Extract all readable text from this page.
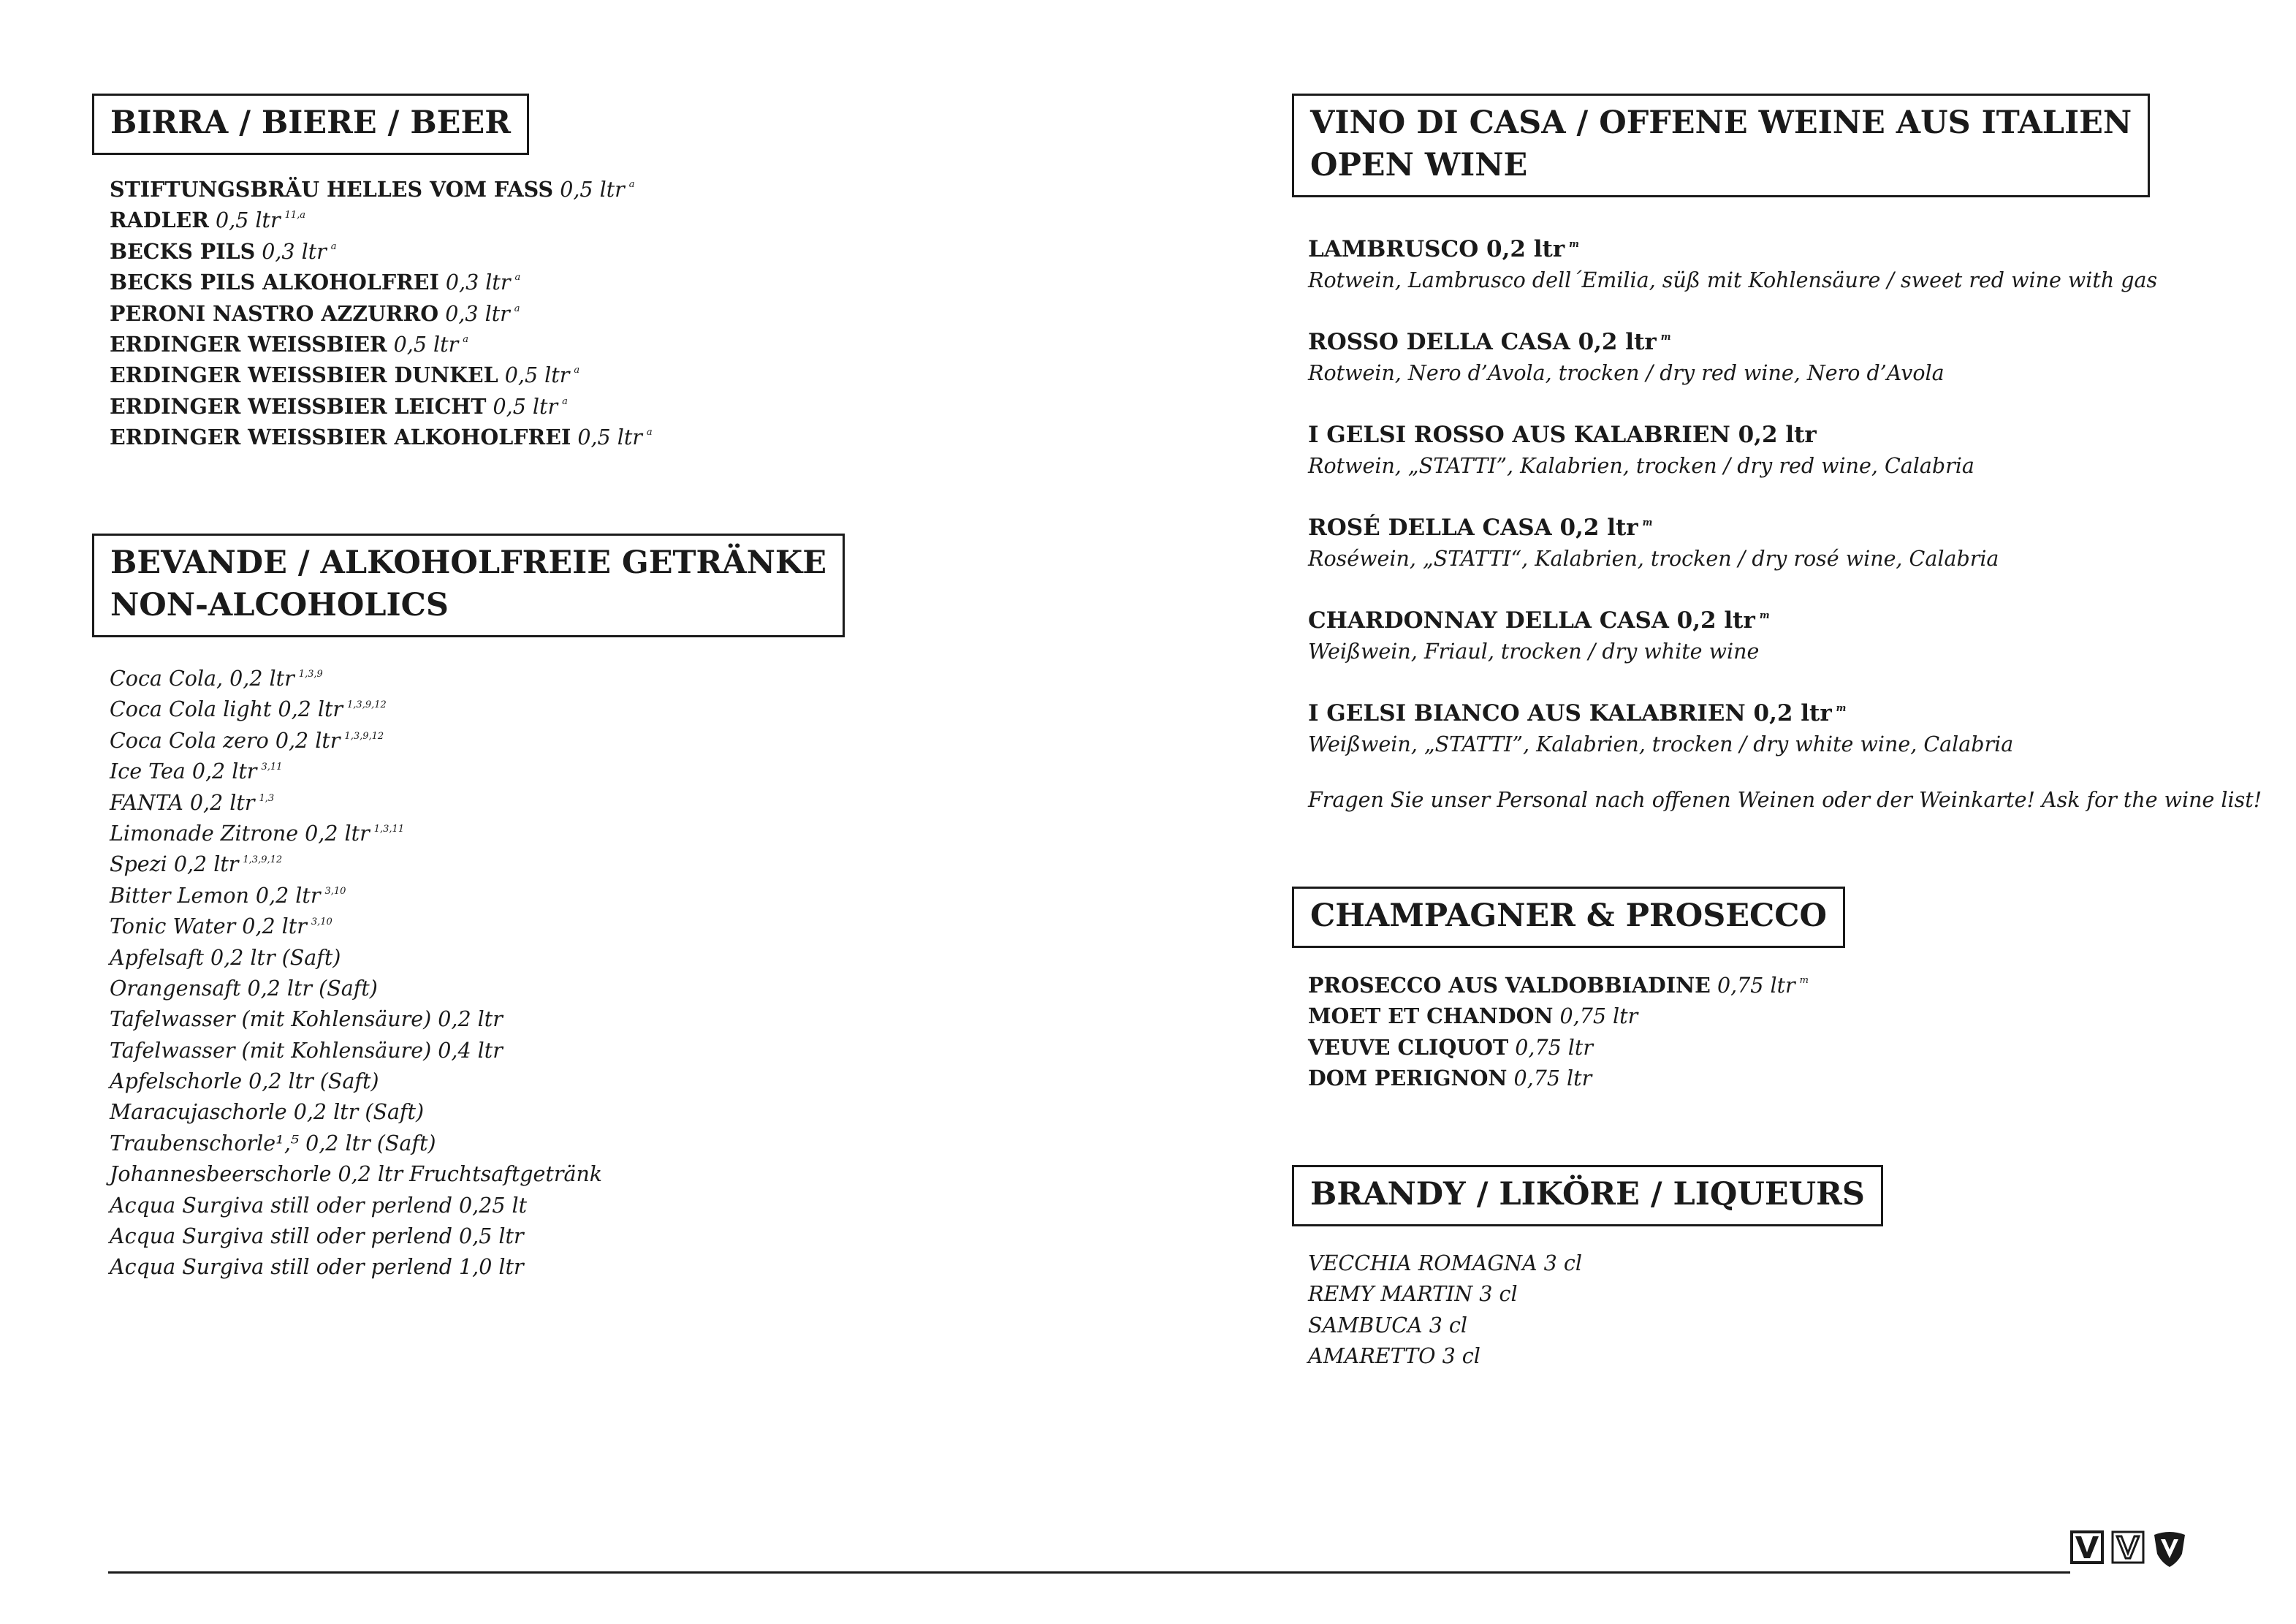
BIRRA / BIERE / BEER
STIFTUNGSBRÄU HELLES VOM FASS 0,5 ltr $^a$
RADLER 0,5 ltr $^{11,a}$
BECKS PILS 0,3 ltr $^a$
BECKS PILS ALKOHOLFREI 0,3 ltr $^a$
PERONI NASTRO AZZURRO 0,3 ltr $^a$
ERDINGER WEISSBIER 0,5 ltr $^a$
ERDINGER WEISSBIER DUNKEL 0,5 ltr $^a$
ERDINGER WEISSBIER LEICHT 0,5 ltr $^a$
ERDINGER WEISSBIER ALKOHOLFREI 0,5 ltr $^a$
BEVANDE / ALKOHOLFREIE GETRÄNKE
NON-ALCOHOLICS
Coca Cola, 0,2 ltr $^{1,3,9}$
Coca Cola light 0,2 ltr $^{1,3,9,12}$
Coca Cola zero 0,2 ltr $^{1,3,9,12}$
Ice Tea 0,2 ltr $^{3,11}$
FANTA 0,2 ltr $^{1,3}$
Limonade Zitrone 0,2 ltr $^{1,3,11}$
Spezi 0,2 ltr $^{1,3,9,12}$
Bitter Lemon 0,2 ltr $^{3,10}$
Tonic Water 0,2 ltr $^{3,10}$
Apfelsaft 0,2 ltr (Saft)
Orangensaft 0,2 ltr (Saft)
Tafelwasser (mit Kohlensäure) 0,2 ltr
Tafelwasser (mit Kohlensäure) 0,4 ltr
Apfelschorle 0,2 ltr (Saft)
Maracujaschorle 0,2 ltr (Saft)
Traubenschorle¹‚⁵ 0,2 ltr (Saft)
Johannesbeerschorle 0,2 ltr Fruchtsaftgetränk
Acqua Surgiva still oder perlend 0,25 lt
Acqua Surgiva still oder perlend 0,5 ltr
Acqua Surgiva still oder perlend 1,0 ltr
VINO DI CASA / OFFENE WEINE AUS ITALIEN
OPEN WINE
LAMBRUSCO 0,2 ltr $^m$
Rotwein, Lambrusco dell´Emilia, süß mit Kohlensäure / sweet red wine with gas
ROSSO DELLA CASA 0,2 ltr $^m$
Rotwein, Nero d’Avola, trocken / dry red wine, Nero d’Avola
I GELSI ROSSO AUS KALABRIEN 0,2 ltr
Rotwein, „STATTI”, Kalabrien, trocken / dry red wine, Calabria
ROSÉ DELLA CASA 0,2 ltr $^m$
Roséwein, „STATTI“, Kalabrien, trocken / dry rosé wine, Calabria
CHARDONNAY DELLA CASA 0,2 ltr $^m$
Weißwein, Friaul, trocken / dry white wine
I GELSI BIANCO AUS KALABRIEN 0,2 ltr $^m$
Weißwein, „STATTI”, Kalabrien, trocken / dry white wine, Calabria
Fragen Sie unser Personal nach offenen Weinen oder der Weinkarte! Ask for the wine list!
CHAMPAGNER & PROSECCO
PROSECCO AUS VALDOBBIADINE 0,75 ltr $^m$
MOET ET CHANDON 0,75 ltr
VEUVE CLIQUOT 0,75 ltr
DOM PERIGNON 0,75 ltr
BRANDY / LIKÖRE / LIQUEURS
VECCHIA ROMAGNA 3 cl
REMY MARTIN 3 cl
SAMBUCA 3 cl
AMARETTO 3 cl
